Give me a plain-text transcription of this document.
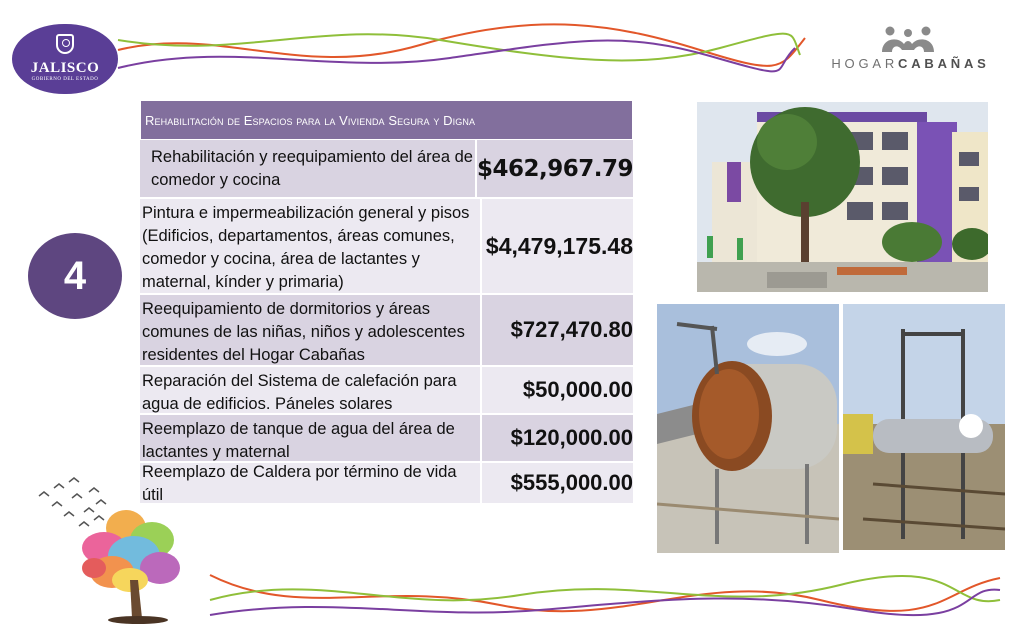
JALISCO
GOBIERNO DEL ESTADO
HOGARCABAÑAS
4
Rehabilitación de Espacios para la Vivienda Segura y Digna
Rehabilitación y reequipamiento del área de comedor y cocina	$462,967.79
Pintura e impermeabilización general y pisos (Edificios, departamentos, áreas comunes, comedor y cocina, área de lactantes y maternal, kínder y primaria)
$4,479,175.48
Reequipamiento de dormitorios y áreas comunes de las niñas, niños y adolescentes residentes del Hogar Cabañas
$727,470.80
Reparación del Sistema de calefación para agua de edificios. Páneles solares
$50,000.00
Reemplazo de tanque de agua del área de lactantes y maternal
$120,000.00
Reemplazo de Caldera por término de vida útil	$555,000.00
